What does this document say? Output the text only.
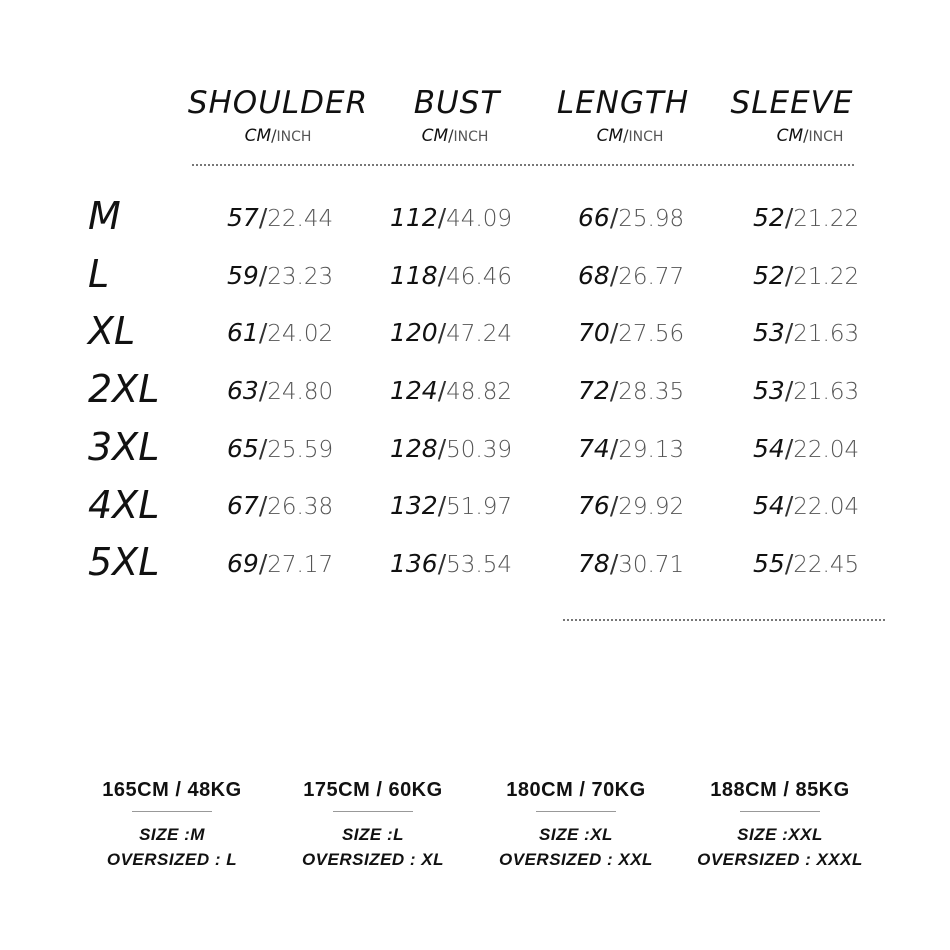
SHOULDER
CM/INCH
BUST
CM/INCH
LENGTH
CM/INCH
SLEEVE
CM/INCH
M	57/22.44 112/44.09	66/25.98	52/21.22
L	59/23.23 118/46.46	68/26.77	52/21.22
XL	61/24.02 120/47.24	70/27.56	53/21.63
2XL	63/24.80 124/48.82	72/28.35	53/21.63
3XL	65/25.59 128/50.39	74/29.13	54/22.04
4XL	67/26.38 132/51.97	76/29.92	54/22.04
5XL	69/27.17 136/53.54	78/30.71	55/22.45
165CM / 48KG
SIZE :M
OVERSIZED : L
175CM / 60KG
SIZE :L
OVERSIZED : XL
180CM / 70KG
SIZE :XL
OVERSIZED : XXL
188CM / 85KG
SIZE :XXL
OVERSIZED : XXXL
